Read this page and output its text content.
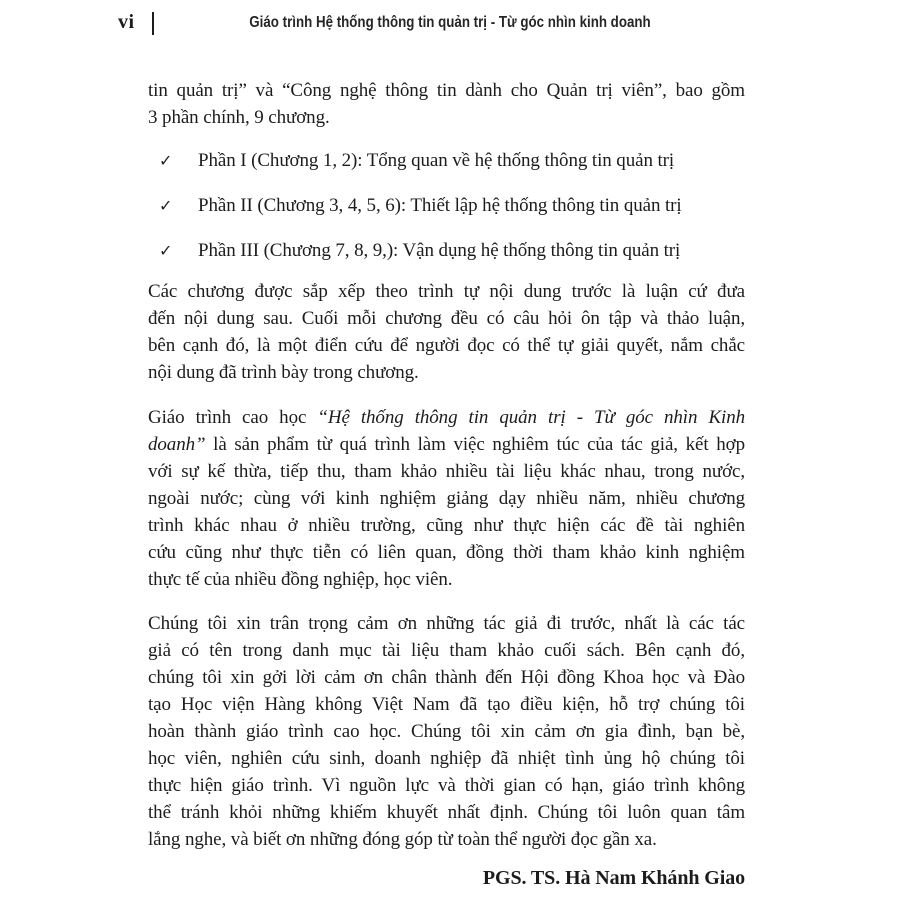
vi	Giáo trình Hệ thống thông tin quản trị - Từ góc nhìn kinh doanh
tin quản trị” và “Công nghệ thông tin dành cho Quản trị viên”, bao gồm
3 phần chính, 9 chương.
✓ Phần I (Chương 1, 2): Tổng quan về hệ thống thông tin quản trị
✓ Phần II (Chương 3, 4, 5, 6): Thiết lập hệ thống thông tin quản trị
✓ Phần III (Chương 7, 8, 9,): Vận dụng hệ thống thông tin quản trị
Các chương được sắp xếp theo trình tự nội dung trước là luận cứ đưa
đến nội dung sau. Cuối mỗi chương đều có câu hỏi ôn tập và thảo luận,
bên cạnh đó, là một điển cứu để người đọc có thể tự giải quyết, nắm chắc
nội dung đã trình bày trong chương.
Giáo trình cao học “Hệ thống thông tin quản trị - Từ góc nhìn Kinh
doanh” là sản phẩm từ quá trình làm việc nghiêm túc của tác giả, kết hợp
với sự kế thừa, tiếp thu, tham khảo nhiều tài liệu khác nhau, trong nước,
ngoài nước; cùng với kinh nghiệm giảng dạy nhiều năm, nhiều chương
trình khác nhau ở nhiều trường, cũng như thực hiện các đề tài nghiên
cứu cũng như thực tiễn có liên quan, đồng thời tham khảo kinh nghiệm
thực tế của nhiều đồng nghiệp, học viên.
Chúng tôi xin trân trọng cảm ơn những tác giả đi trước, nhất là các tác
giả có tên trong danh mục tài liệu tham khảo cuối sách. Bên cạnh đó,
chúng tôi xin gởi lời cảm ơn chân thành đến Hội đồng Khoa học và Đào
tạo Học viện Hàng không Việt Nam đã tạo điều kiện, hỗ trợ chúng tôi
hoàn thành giáo trình cao học. Chúng tôi xin cảm ơn gia đình, bạn bè,
học viên, nghiên cứu sinh, doanh nghiệp đã nhiệt tình ủng hộ chúng tôi
thực hiện giáo trình. Vì nguồn lực và thời gian có hạn, giáo trình không
thể tránh khỏi những khiếm khuyết nhất định. Chúng tôi luôn quan tâm
lắng nghe, và biết ơn những đóng góp từ toàn thể người đọc gần xa.
PGS. TS. Hà Nam Khánh Giao
